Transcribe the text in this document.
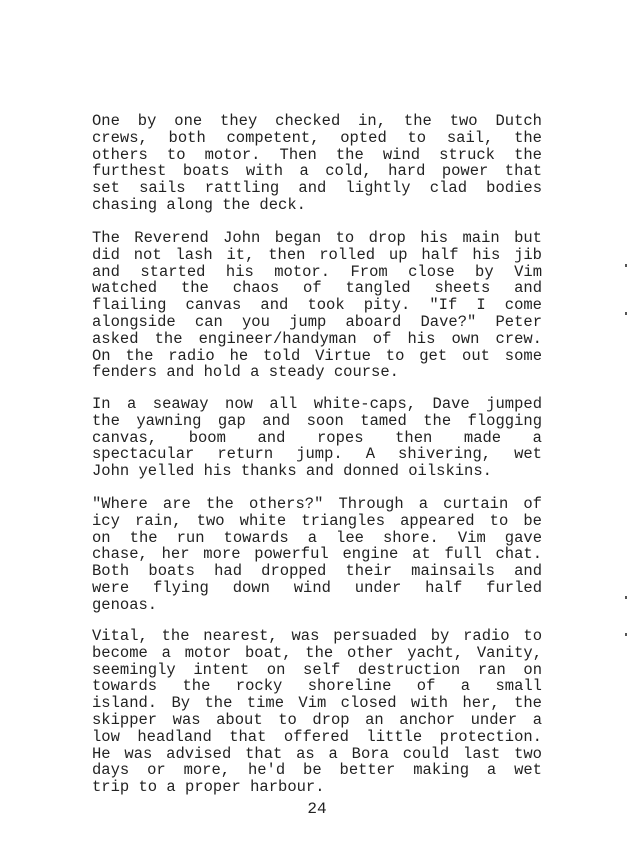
One by one they checked in, the two Dutch
crews, both competent, opted to sail, the
others to motor. Then the wind struck the
furthest boats with a cold, hard power that
set sails rattling and lightly clad bodies
chasing along the deck.
The Reverend John began to drop his main but
did not lash it, then rolled up half his jib
and started his motor. From close by Vim
watched the chaos of tangled sheets and
flailing canvas and took pity. "If I come
alongside can you jump aboard Dave?" Peter
asked the engineer/handyman of his own crew.
On the radio he told Virtue to get out some
fenders and hold a steady course.
In a seaway now all white-caps, Dave jumped
the yawning gap and soon tamed the flogging
canvas, boom and ropes then made a
spectacular return jump. A shivering, wet
John yelled his thanks and donned oilskins.
"Where are the others?" Through a curtain of
icy rain, two white triangles appeared to be
on the run towards a lee shore. Vim gave
chase, her more powerful engine at full chat.
Both boats had dropped their mainsails and
were flying down wind under half furled
genoas.
Vital, the nearest, was persuaded by radio to
become a motor boat, the other yacht, Vanity,
seemingly intent on self destruction ran on
towards the rocky shoreline of a small
island. By the time Vim closed with her, the
skipper was about to drop an anchor under a
low headland that offered little protection.
He was advised that as a Bora could last two
days or more, he'd be better making a wet
trip to a proper harbour.
24
